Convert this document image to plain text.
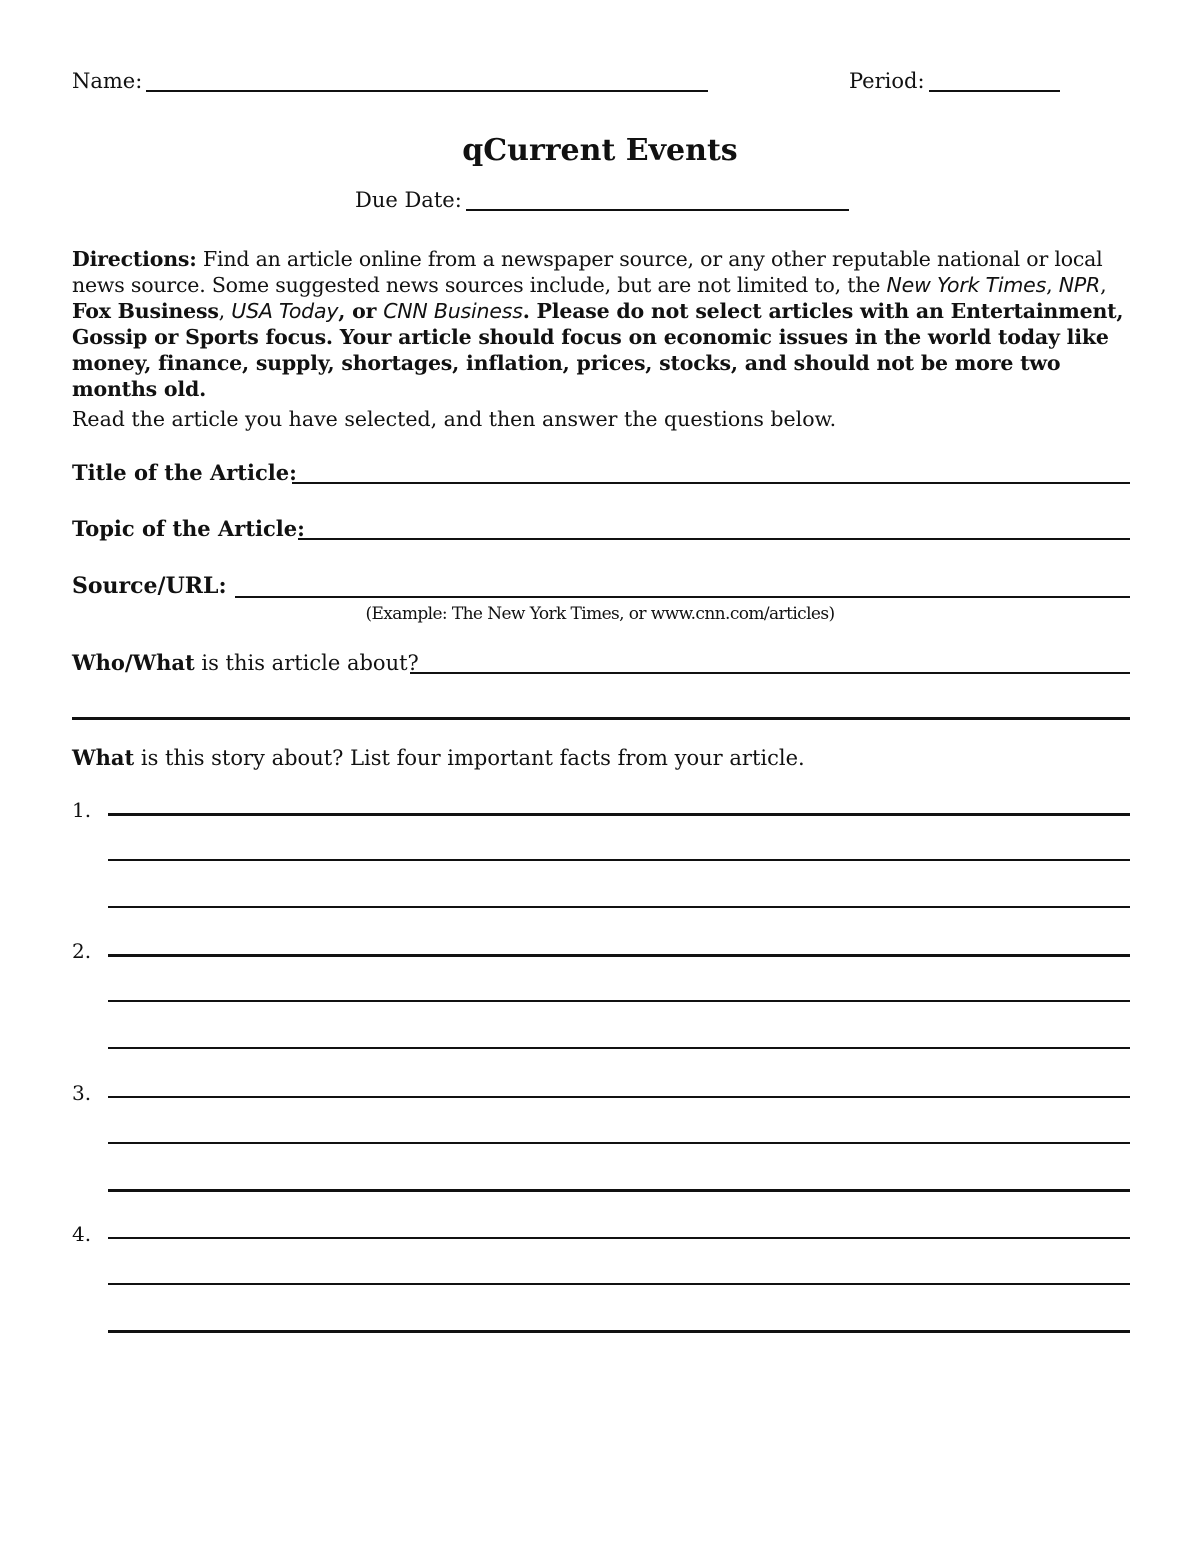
Name:	Period:
qCurrent Events
Due Date:
Directions: Find an article online from a newspaper source, or any other reputable national or local news source. Some suggested news sources include, but are not limited to, the New York Times, NPR, Fox Business, USA Today, or CNN Business. Please do not select articles with an Entertainment, Gossip or Sports focus. Your article should focus on economic issues in the world today like money, finance, supply, shortages, inflation, prices, stocks, and should not be more two months old.
Read the article you have selected, and then answer the questions below.
Title of the Article:
Topic of the Article:
Source/URL:
(Example: The New York Times, or www.cnn.com/articles)
Who/What is this article about?
What is this story about? List four important facts from your article.
1.
2.
3.
4.
